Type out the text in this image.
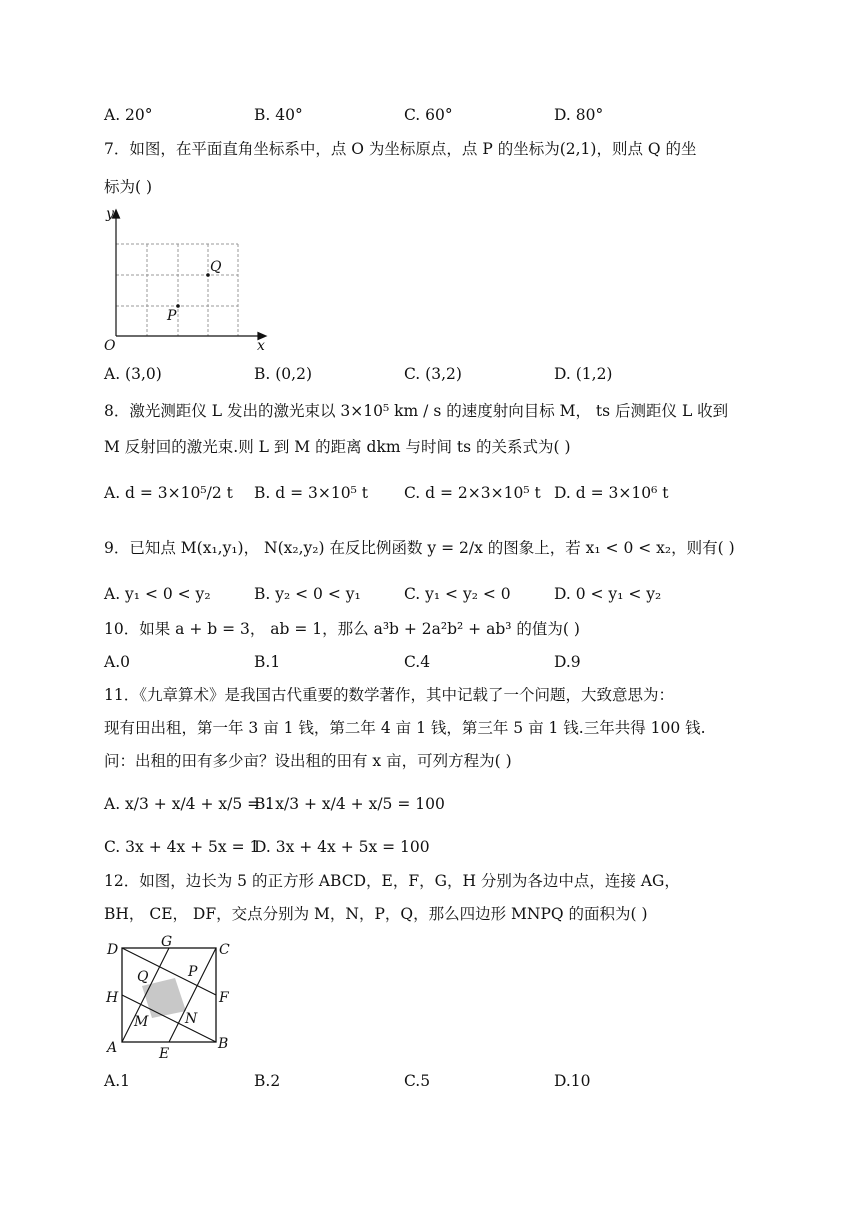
A. 20°	B. 40°	C. 60°	D. 80°
7．如图，在平面直角坐标系中，点 O 为坐标原点，点 P 的坐标为(2,1)，则点 Q 的坐
标为( )
y
x
O
P
Q
A. (3,0)	B. (0,2)	C. (3,2)	D. (1,2)
8．激光测距仪 L 发出的激光束以 3×10⁵ km / s 的速度射向目标 M， ts 后测距仪 L 收到
M 反射回的激光束.则 L 到 M 的距离 dkm 与时间 ts 的关系式为( )
A. d = 3×10⁵/2 t B. d = 3×10⁵ t C. d = 2×3×10⁵ t D. d = 3×10⁶ t
9．已知点 M(x₁,y₁)， N(x₂,y₂) 在反比例函数 y = 2/x 的图象上，若 x₁ < 0 < x₂，则有( )
A. y₁ < 0 < y₂	B. y₂ < 0 < y₁	C. y₁ < y₂ < 0	D. 0 < y₁ < y₂
10．如果 a + b = 3， ab = 1，那么 a³b + 2a²b² + ab³ 的值为( )
A.0	B.1	C.4	D.9
11．《九章算术》是我国古代重要的数学著作，其中记载了一个问题，大致意思为：
现有田出租，第一年 3 亩 1 钱，第二年 4 亩 1 钱，第三年 5 亩 1 钱.三年共得 100 钱.
问：出租的田有多少亩？设出租的田有 x 亩，可列方程为( )
A. x/3 + x/4 + x/5 = 1
B. x/3 + x/4 + x/5 = 100
C. 3x + 4x + 5x = 1
D. 3x + 4x + 5x = 100
12．如图，边长为 5 的正方形 ABCD，E，F，G，H 分别为各边中点，连接 AG，
BH， CE， DF，交点分别为 M，N，P，Q，那么四边形 MNPQ 的面积为( )
D	G	C
H	F
A	E
B
Q	P
M	N
A.1	B.2	C.5	D.10
